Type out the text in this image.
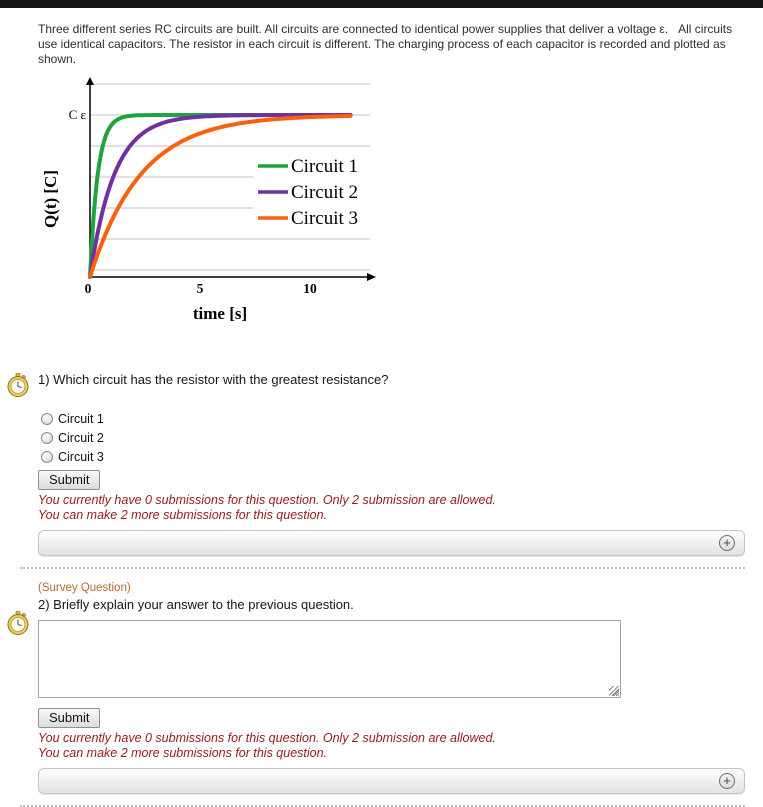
Three different series RC circuits are built. All circuits are connected to identical power supplies that deliver a voltage ε.   All circuits use identical capacitors. The resistor in each circuit is different. The charging process of each capacitor is recorded and plotted as shown.

Circuit 1
Circuit 2
Circuit 3
C ε
0	5	10
time [s]
Q(t) [C]
1) Which circuit has the resistor with the greatest resistance?
Circuit 1
Circuit 2
Circuit 3
Submit
You currently have 0 submissions for this question. Only 2 submission are allowed.
You can make 2 more submissions for this question.
+
(Survey Question)
2) Briefly explain your answer to the previous question.
Submit
You currently have 0 submissions for this question. Only 2 submission are allowed.
You can make 2 more submissions for this question.
+
